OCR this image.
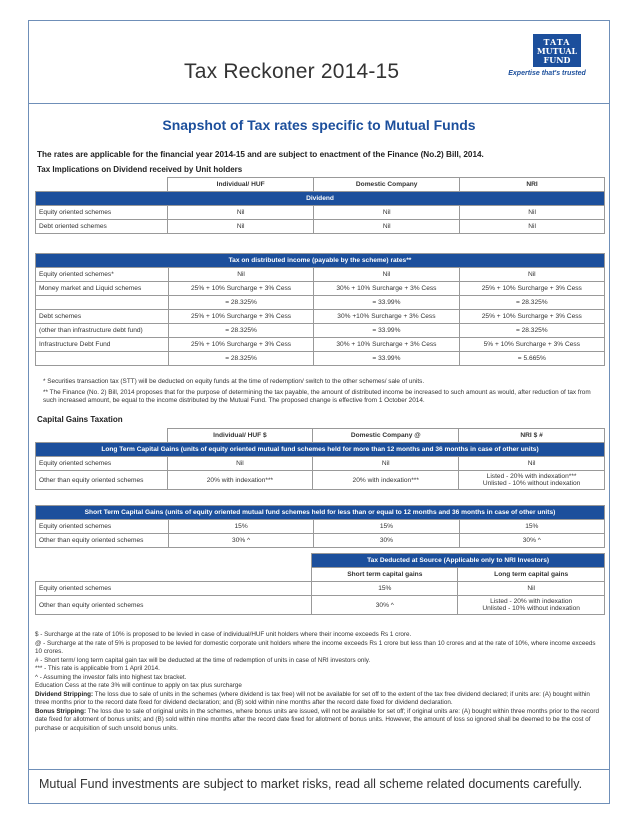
Tax Reckoner 2014-15
TATA
MUTUAL
FUND
Expertise that's trusted
Snapshot of Tax rates specific to Mutual Funds
The rates are applicable for the financial year 2014-15 and are subject to enactment of the Finance (No.2) Bill, 2014.
Tax Implications on Dividend received by Unit holders
	Individual/ HUF	Domestic Company	NRI
Dividend			
Equity oriented schemes	Nil	Nil	Nil
Debt oriented schemes	Nil	Nil	Nil
Tax on distributed income (payable by the scheme) rates**			
Equity oriented schemes*	Nil	Nil	Nil
Money market and Liquid schemes	25% + 10% Surcharge + 3% Cess	30% + 10% Surcharge + 3% Cess	25% + 10% Surcharge + 3% Cess
	= 28.325%	= 33.99%	= 28.325%
Debt schemes	25% + 10% Surcharge + 3% Cess	30% +10% Surcharge + 3% Cess	25% + 10% Surcharge + 3% Cess
(other than infrastructure debt fund)	= 28.325%	= 33.99%	= 28.325%
Infrastructure Debt Fund	25% + 10% Surcharge + 3% Cess	30% + 10% Surcharge + 3% Cess	5% + 10% Surcharge + 3% Cess
	= 28.325%	= 33.99%	= 5.665%
* Securities transaction tax (STT) will be deducted on equity funds at the time of redemption/ switch to the other schemes/ sale of units.
** The Finance (No. 2) Bill, 2014 proposes that for the purpose of determining the tax payable, the amount of distributed income be increased to such amount as would, after reduction of tax from such increased amount, be equal to the income distributed by the Mutual Fund. The proposed change is effective from 1 October 2014.
Capital Gains Taxation
	Individual/ HUF $	Domestic Company @	NRI $ #
Long Term Capital Gains (units of equity oriented mutual fund schemes held for more than 12 months and 36 months in case of other units)			
Equity oriented schemes	Nil	Nil	Nil
Other than equity oriented schemes	20% with indexation***	20% with indexation***	Listed - 20% with indexation***
Unlisted - 10% without indexation
Short Term Capital Gains (units of equity oriented mutual fund schemes held for less than or equal to 12 months and 36 months in case of other units)			
Equity oriented schemes	15%	15%	15%
Other than equity oriented schemes	30% ^	30%	30% ^
		Tax Deducted at Source (Applicable only to NRI Investors)	
		Short term capital gains	Long term capital gains
Equity oriented schemes		15%	Nil
Other than equity oriented schemes		30% ^	Listed - 20% with indexation
Unlisted - 10% without indexation
$ - Surcharge at the rate of 10% is proposed to be levied in case of individual/HUF unit holders where their income exceeds Rs 1 crore.
@ - Surcharge at the rate of 5% is proposed to be levied for domestic corporate unit holders where the income exceeds Rs 1 crore but less than 10 crores and at the rate of 10%, where income exceeds 10 crores.
# - Short term/ long term capital gain tax will be deducted at the time of redemption of units in case of NRI investors only.
*** - This rate is applicable from 1 April 2014.
^ - Assuming the investor falls into highest tax bracket.
Education Cess at the rate 3% will continue to apply on tax plus surcharge
Dividend Stripping: The loss due to sale of units in the schemes (where dividend is tax free) will not be available for set off to the extent of the tax free dividend declared; if units are: (A) bought within three months prior to the record date fixed for dividend declaration; and (B) sold within nine months after the record date fixed for dividend declaration.
Bonus Stripping: The loss due to sale of original units in the schemes, where bonus units are issued, will not be available for set off; if original units are: (A) bought within three months prior to the record date fixed for allotment of bonus units; and (B) sold within nine months after the record date fixed for allotment of bonus units. However, the amount of loss so ignored shall be deemed to be the cost of purchase or acquisition of such unsold bonus units.
Mutual Fund investments are subject to market risks, read all scheme related documents carefully.
